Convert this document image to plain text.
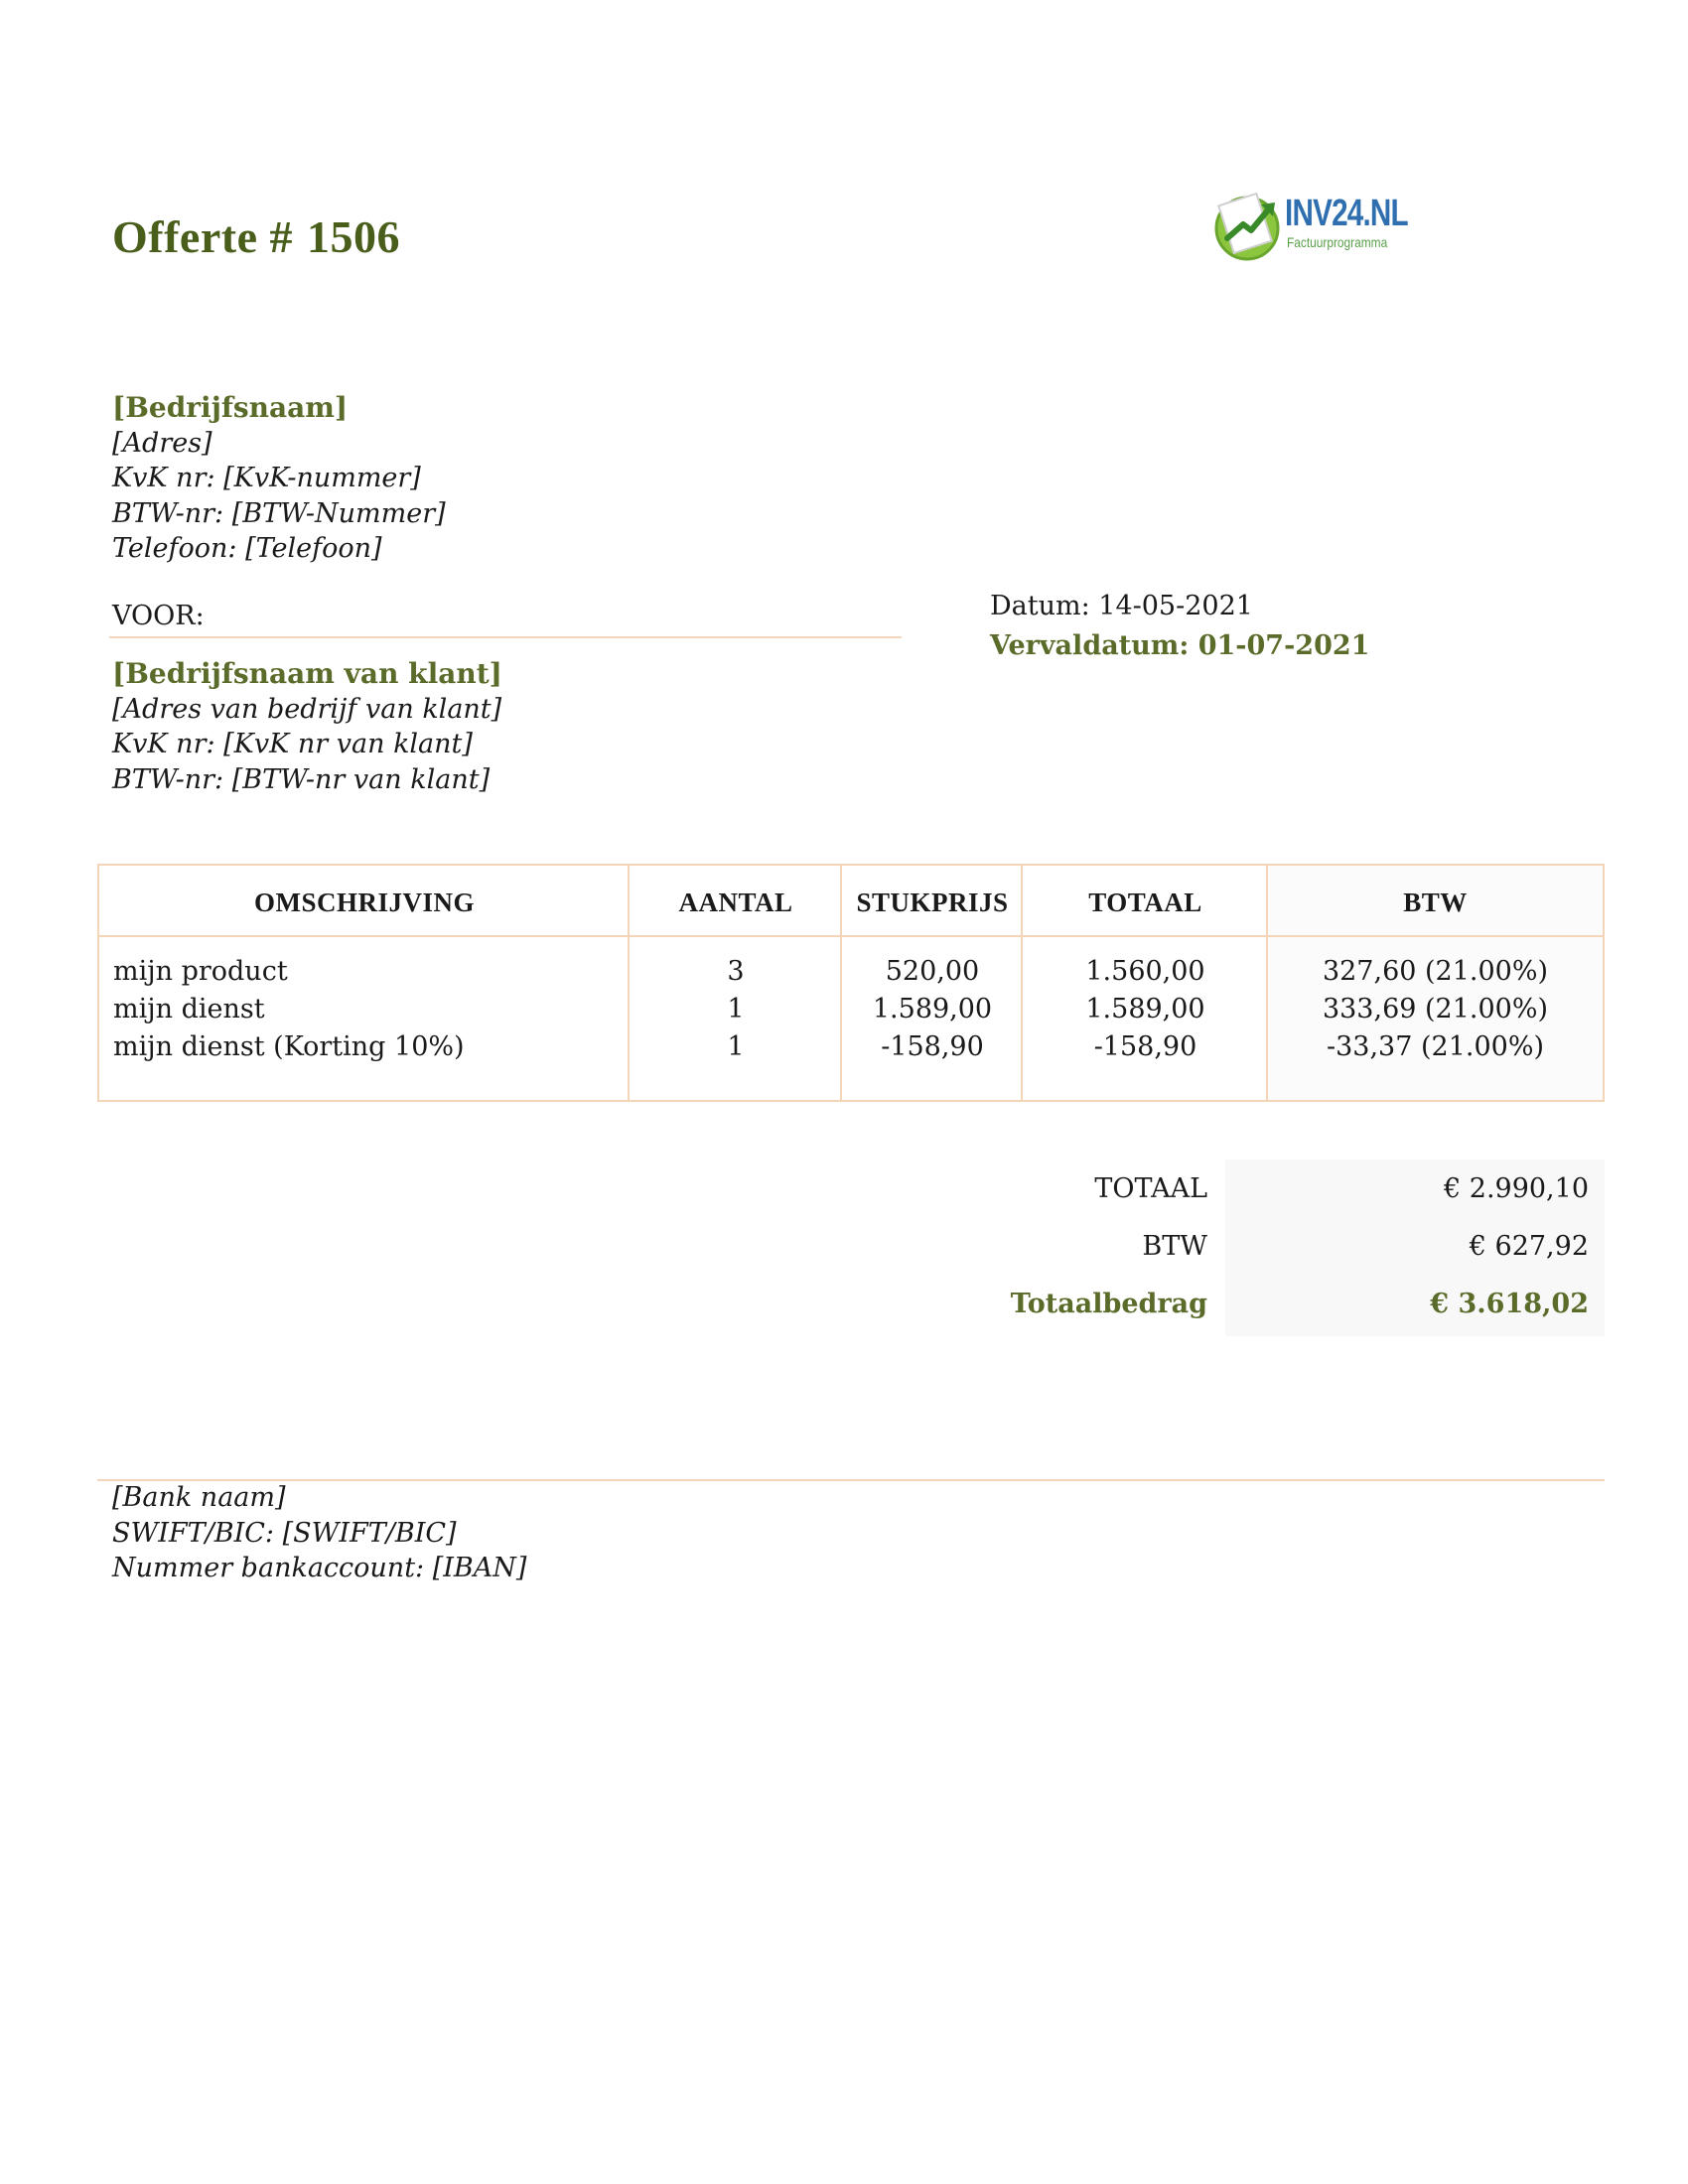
Offerte # 1506	INV24.NL
Factuurprogramma
[Bedrijfsnaam]
[Adres]
KvK nr: [KvK-nummer]
BTW-nr: [BTW-Nummer]
Telefoon: [Telefoon]
VOOR:
[Bedrijfsnaam van klant]
[Adres van bedrijf van klant]
KvK nr: [KvK nr van klant]
BTW-nr: [BTW-nr van klant]
Datum: 14-05-2021
Vervaldatum: 01-07-2021
OMSCHRIJVING	AANTAL	STUKPRIJS	TOTAAL	BTW
mijn product	3	520,00	1.560,00	327,60 (21.00%)
mijn dienst	1	1.589,00	1.589,00	333,69 (21.00%)
mijn dienst (Korting 10%)	1	-158,90	-158,90	-33,37 (21.00%)
TOTAAL	€ 2.990,10
BTW	€ 627,92
Totaalbedrag	€ 3.618,02
[Bank naam]
SWIFT/BIC: [SWIFT/BIC]
Nummer bankaccount: [IBAN]
